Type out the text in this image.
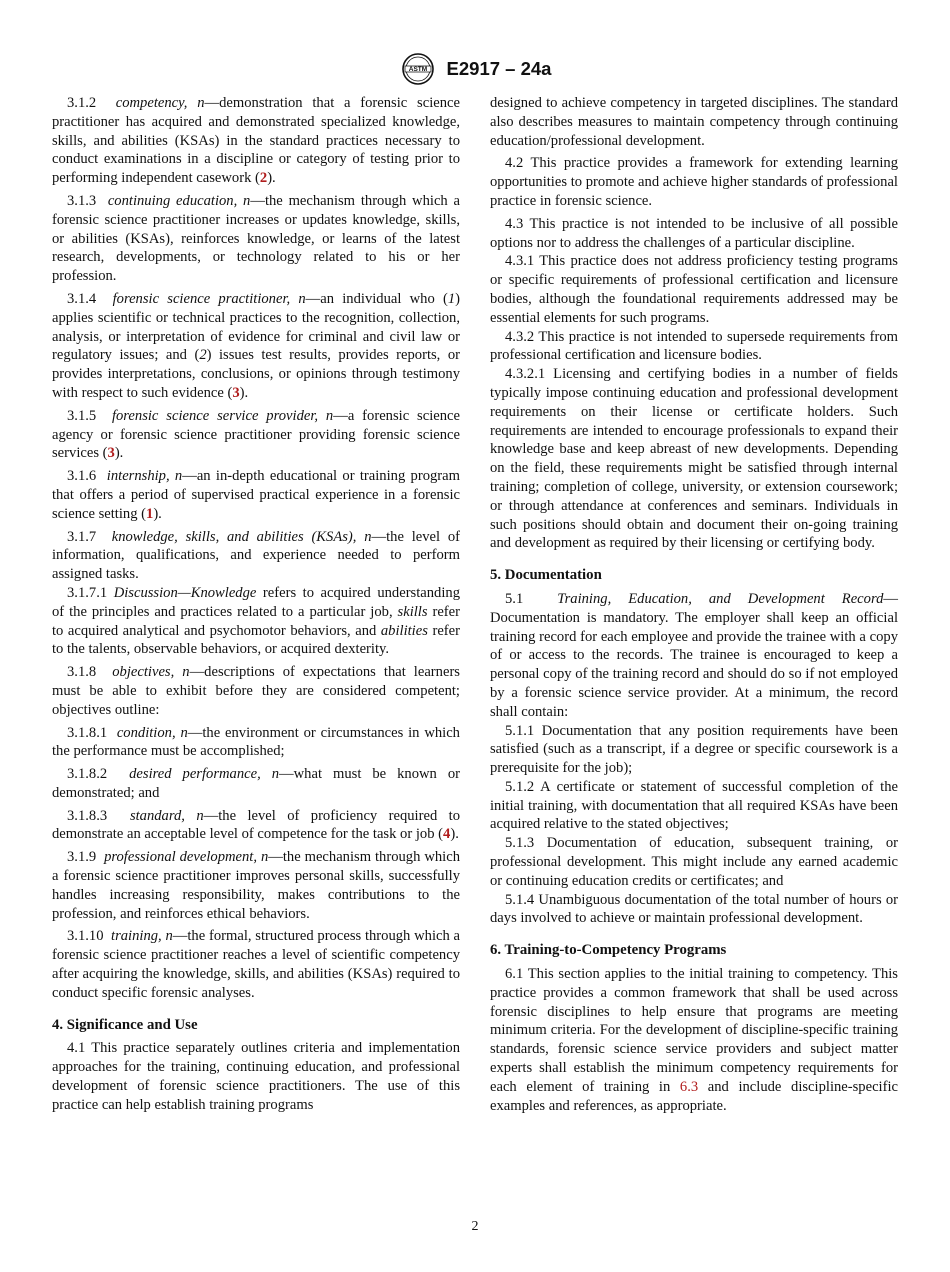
ASTM E2917 – 24a

3.1.2 competency, n—demonstration that a forensic science practitioner has acquired and demonstrated specialized knowledge, skills, and abilities (KSAs) in the standard practices necessary to conduct examinations in a discipline or category of testing prior to performing independent casework (2).

3.1.3 continuing education, n—the mechanism through which a forensic science practitioner increases or updates knowledge, skills, or abilities (KSAs), reinforces knowledge, or learns of the latest research, developments, or technology related to his or her profession.

3.1.4 forensic science practitioner, n—an individual who (1) applies scientific or technical practices to the recognition, collection, analysis, or interpretation of evidence for criminal and civil law or regulatory issues; and (2) issues test results, provides reports, or provides interpretations, conclusions, or opinions through testimony with respect to such evidence (3).

3.1.5 forensic science service provider, n—a forensic science agency or forensic science practitioner providing forensic science services (3).

3.1.6 internship, n—an in-depth educational or training program that offers a period of supervised practical experience in a forensic science setting (1).

3.1.7 knowledge, skills, and abilities (KSAs), n—the level of information, qualifications, and experience needed to perform assigned tasks.

3.1.7.1 Discussion—Knowledge refers to acquired understanding of the principles and practices related to a particular job, skills refer to acquired analytical and psychomotor behaviors, and abilities refer to the talents, observable behaviors, or acquired dexterity.

3.1.8 objectives, n—descriptions of expectations that learners must be able to exhibit before they are considered competent; objectives outline:

3.1.8.1 condition, n—the environment or circumstances in which the performance must be accomplished;

3.1.8.2 desired performance, n—what must be known or demonstrated; and

3.1.8.3 standard, n—the level of proficiency required to demonstrate an acceptable level of competence for the task or job (4).

3.1.9 professional development, n—the mechanism through which a forensic science practitioner improves personal skills, successfully handles increasing responsibility, makes contributions to the profession, and reinforces ethical behaviors.

3.1.10 training, n—the formal, structured process through which a forensic science practitioner reaches a level of scientific competency after acquiring the knowledge, skills, and abilities (KSAs) required to conduct specific forensic analyses.

4. Significance and Use

4.1 This practice separately outlines criteria and implementation approaches for the training, continuing education, and professional development of forensic science practitioners. The use of this practice can help establish training programs

designed to achieve competency in targeted disciplines. The standard also describes measures to maintain competency through continuing education/professional development.

4.2 This practice provides a framework for extending learning opportunities to promote and achieve higher standards of professional practice in forensic science.

4.3 This practice is not intended to be inclusive of all possible options nor to address the challenges of a particular discipline.

4.3.1 This practice does not address proficiency testing programs or specific requirements of professional certification and licensure bodies, although the foundational requirements addressed may be essential elements for such programs.

4.3.2 This practice is not intended to supersede requirements from professional certification and licensure bodies.

4.3.2.1 Licensing and certifying bodies in a number of fields typically impose continuing education and professional development requirements on their license or certificate holders. Such requirements are intended to encourage professionals to expand their knowledge base and keep abreast of new developments. Depending on the field, these requirements might be satisfied through internal training; completion of college, university, or extension coursework; or through attendance at conferences and seminars. Individuals in such positions should obtain and document their on-going training and development as required by their licensing or certifying body.

5. Documentation

5.1 Training, Education, and Development Record—Documentation is mandatory. The employer shall keep an official training record for each employee and provide the trainee with a copy of or access to the records. The trainee is encouraged to keep a personal copy of the training record and should do so if not employed by a forensic science service provider. At a minimum, the record shall contain:

5.1.1 Documentation that any position requirements have been satisfied (such as a transcript, if a degree or specific coursework is a prerequisite for the job);

5.1.2 A certificate or statement of successful completion of the initial training, with documentation that all required KSAs have been acquired relative to the stated objectives;

5.1.3 Documentation of education, subsequent training, or professional development. This might include any earned academic or continuing education credits or certificates; and

5.1.4 Unambiguous documentation of the total number of hours or days involved to achieve or maintain professional development.

6. Training-to-Competency Programs

6.1 This section applies to the initial training to competency. This practice provides a common framework that shall be used across forensic disciplines to help ensure that programs are meeting minimum criteria. For the development of discipline-specific training standards, forensic science service providers and subject matter experts shall establish the minimum competency requirements for each element of training in 6.3 and include discipline-specific examples and references, as appropriate.

2
